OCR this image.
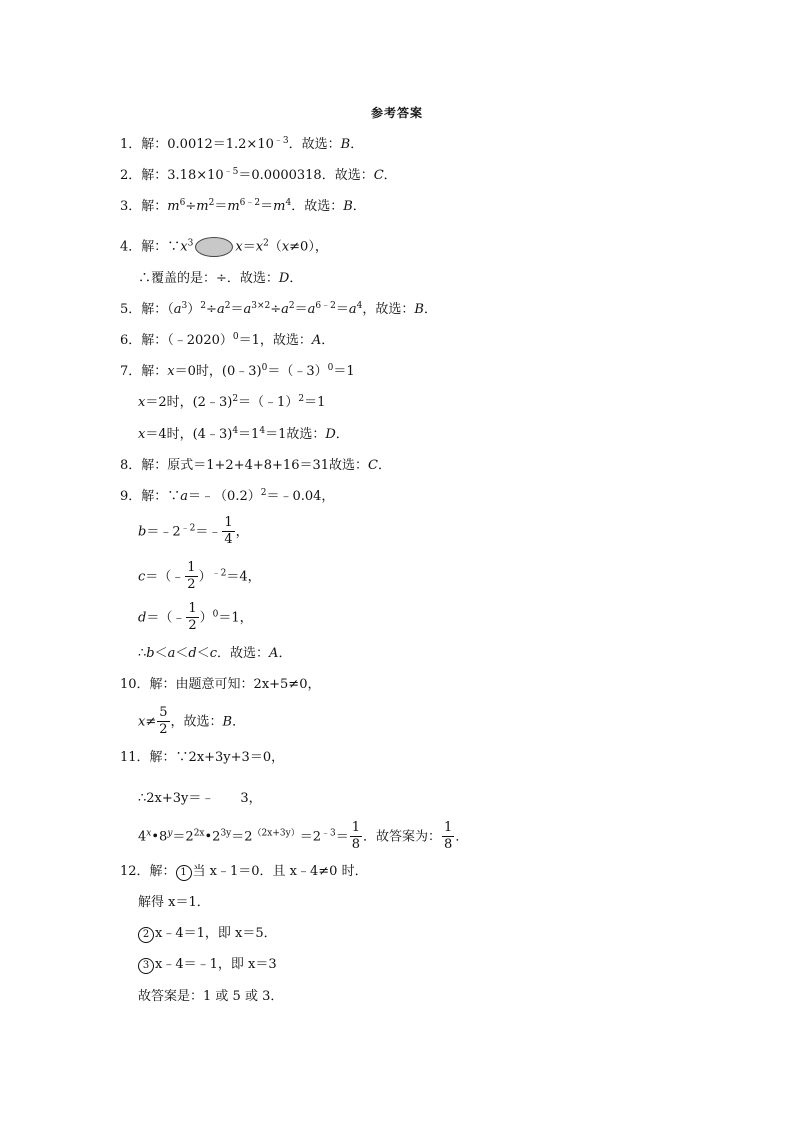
参考答案
1．解：$0.0012=1.2\times 10^{﹣3}$．故选：B．
2．解：$3.18\times 10^{﹣5}=0.0000318$．故选：C．
3．解：$m^6\div m^2=m^{6﹣2}=m^4$．故选：B．
4．解：$\because x^3$	$x=x^2(x\ne 0)$，
∴覆盖的是：÷．故选：D．
5．解：$(a^3)^2\div a^2=a^{3\times 2}\div a^2=a^{6﹣2}=a^4$，故选：B．
6．解：（﹣2020）$^0$＝1，故选：A．
7．解：x＝0时，(0﹣3)$^0$＝（﹣3）$^0$＝1
x＝2时，(2﹣3)$^2$＝（﹣1）$^2$＝1
x＝4时，$(4﹣3)^4=1^4=1$故选：D．
8．解：原式＝1+2+4+8+16＝31故选：C．
9．解：$\because a=﹣(0.2)^2=﹣0.04$，
$b=﹣2^{﹣2}=﹣ \frac{1}{4}$ ，
c＝（﹣ $\frac{1}{2} )^{﹣2}=4$，
d＝（﹣ $\frac{1}{2} )^0=1$，
∴b＜a＜d＜c．故选：A．
10．解：由题意可知：2x+5≠0，
$x\ne \frac{5}{2}$ ，故选：B．
11．解：∵2x+3y+3＝0，
∴2x+3y＝﹣　　3，
$4^x•8^y=2^{2x}•2^{3y}=2^{(2x+3y)}=2^{﹣3}= \frac{1}{8}$ ．故答案为： $\frac{1}{8}$ ．
12．解： 1 当 x﹣1＝0．且 x﹣4≠0 时．
解得 x＝1．
2 x﹣4＝1，即 x＝5．
3 x﹣4＝﹣1，即 x＝3
故答案是：1 或 5 或 3．
